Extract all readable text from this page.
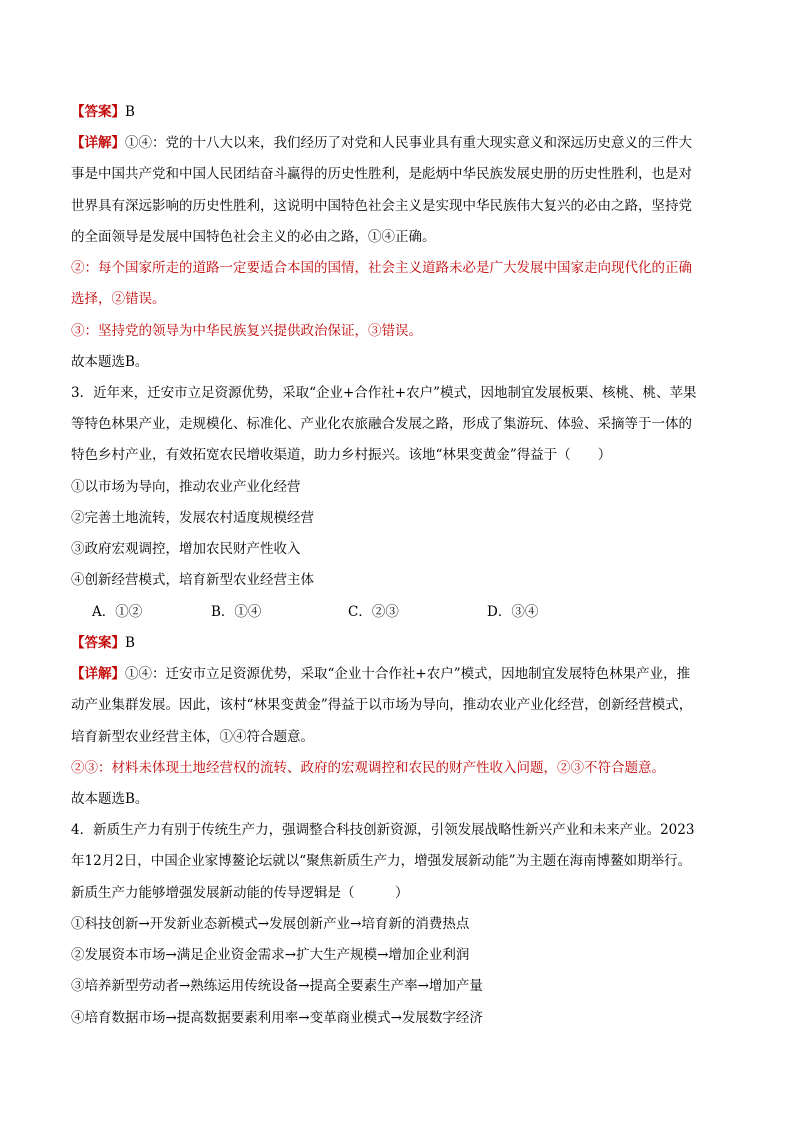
【答案】B
【详解】①④：党的十八大以来，我们经历了对党和人民事业具有重大现实意义和深远历史意义的三件大
事是中国共产党和中国人民团结奋斗赢得的历史性胜利，是彪炳中华民族发展史册的历史性胜利，也是对
世界具有深远影响的历史性胜利，这说明中国特色社会主义是实现中华民族伟大复兴的必由之路，坚持党
的全面领导是发展中国特色社会主义的必由之路，①④正确。
②：每个国家所走的道路一定要适合本国的国情，社会主义道路未必是广大发展中国家走向现代化的正确
选择，②错误。
③：坚持党的领导为中华民族复兴提供政治保证，③错误。
故本题选B。
3．近年来，迁安市立足资源优势，采取“企业+合作社+农户”模式，因地制宜发展板栗、核桃、桃、苹果
等特色林果产业，走规模化、标准化、产业化农旅融合发展之路，形成了集游玩、体验、采摘等于一体的
特色乡村产业，有效拓宽农民增收渠道，助力乡村振兴。该地“林果变黄金”得益于（　　）
①以市场为导向，推动农业产业化经营
②完善土地流转，发展农村适度规模经营
③政府宏观调控，增加农民财产性收入
④创新经营模式，培育新型农业经营主体
A．①②	B．①④	C．②③	D．③④
【答案】B
【详解】①④：迁安市立足资源优势，采取“企业十合作社+农户”模式，因地制宜发展特色林果产业，推
动产业集群发展。因此，该村“林果变黄金”得益于以市场为导向，推动农业产业化经营，创新经营模式，
培育新型农业经营主体，①④符合题意。
②③：材料未体现土地经营权的流转、政府的宏观调控和农民的财产性收入问题，②③不符合题意。
故本题选B。
4．新质生产力有别于传统生产力，强调整合科技创新资源，引领发展战略性新兴产业和未来产业。2023
年12月2日，中国企业家博鳌论坛就以“聚焦新质生产力，增强发展新动能”为主题在海南博鳌如期举行。
新质生产力能够增强发展新动能的传导逻辑是（　　　）
①科技创新→开发新业态新模式→发展创新产业→培育新的消费热点
②发展资本市场→满足企业资金需求→扩大生产规模→增加企业利润
③培养新型劳动者→熟练运用传统设备→提高全要素生产率→增加产量
④培育数据市场→提高数据要素利用率→变革商业模式→发展数字经济
